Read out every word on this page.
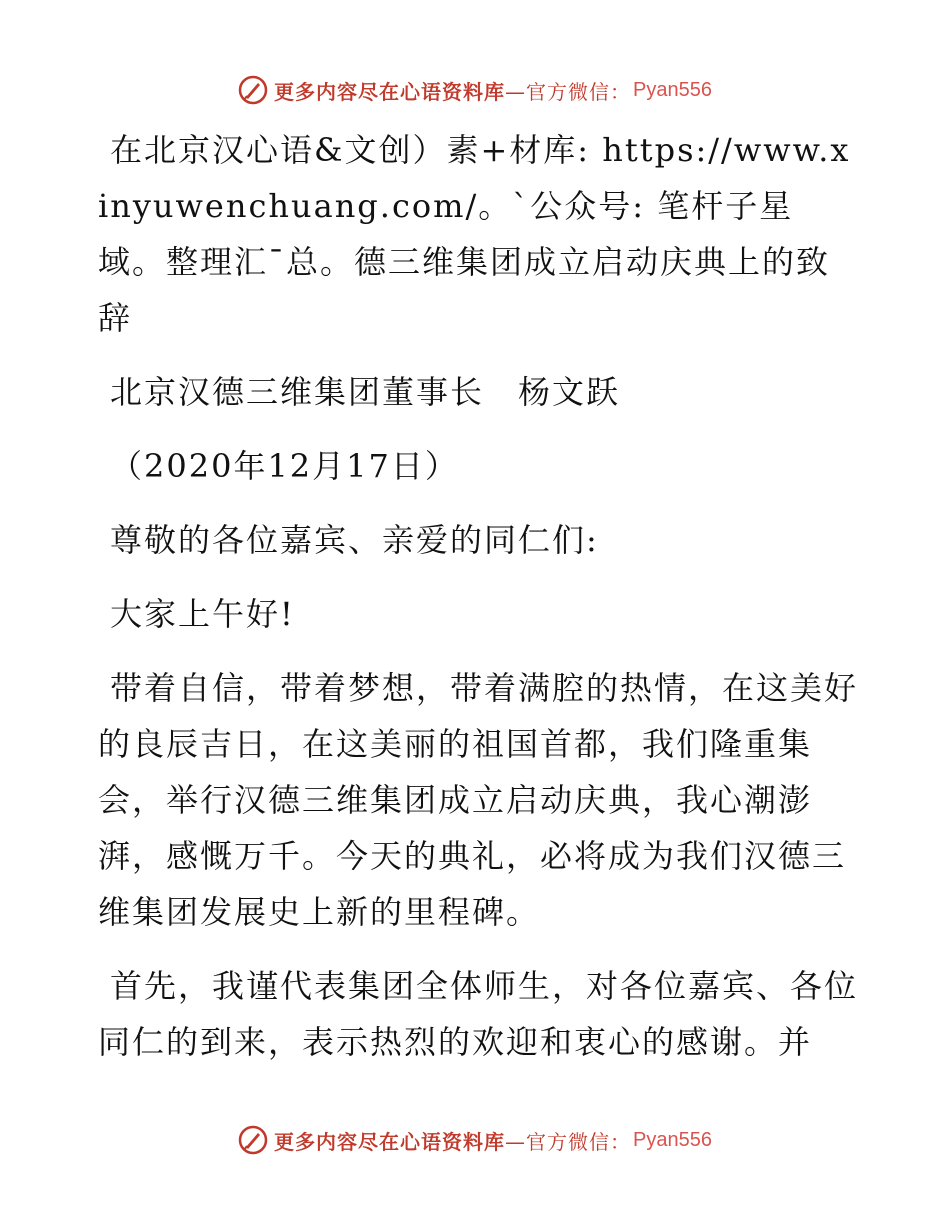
更多内容尽在心语资料库 —官方微信： Pyan556

在北京汉心语&文创）素+材库: https://www.xinyuwenchuang.com/。`公众号: 笔杆子星域。整理汇¯总。德三维集团成立启动庆典上的致辞

北京汉德三维集团董事长　杨文跃

（2020年12月17日）

尊敬的各位嘉宾、亲爱的同仁们:

大家上午好!

带着自信，带着梦想，带着满腔的热情，在这美好的良辰吉日，在这美丽的祖国首都，我们隆重集会，举行汉德三维集团成立启动庆典，我心潮澎湃，感慨万千。今天的典礼，必将成为我们汉德三维集团发展史上新的里程碑。

首先，我谨代表集团全体师生，对各位嘉宾、各位同仁的到来，表示热烈的欢迎和衷心的感谢。并

更多内容尽在心语资料库 —官方微信： Pyan556
